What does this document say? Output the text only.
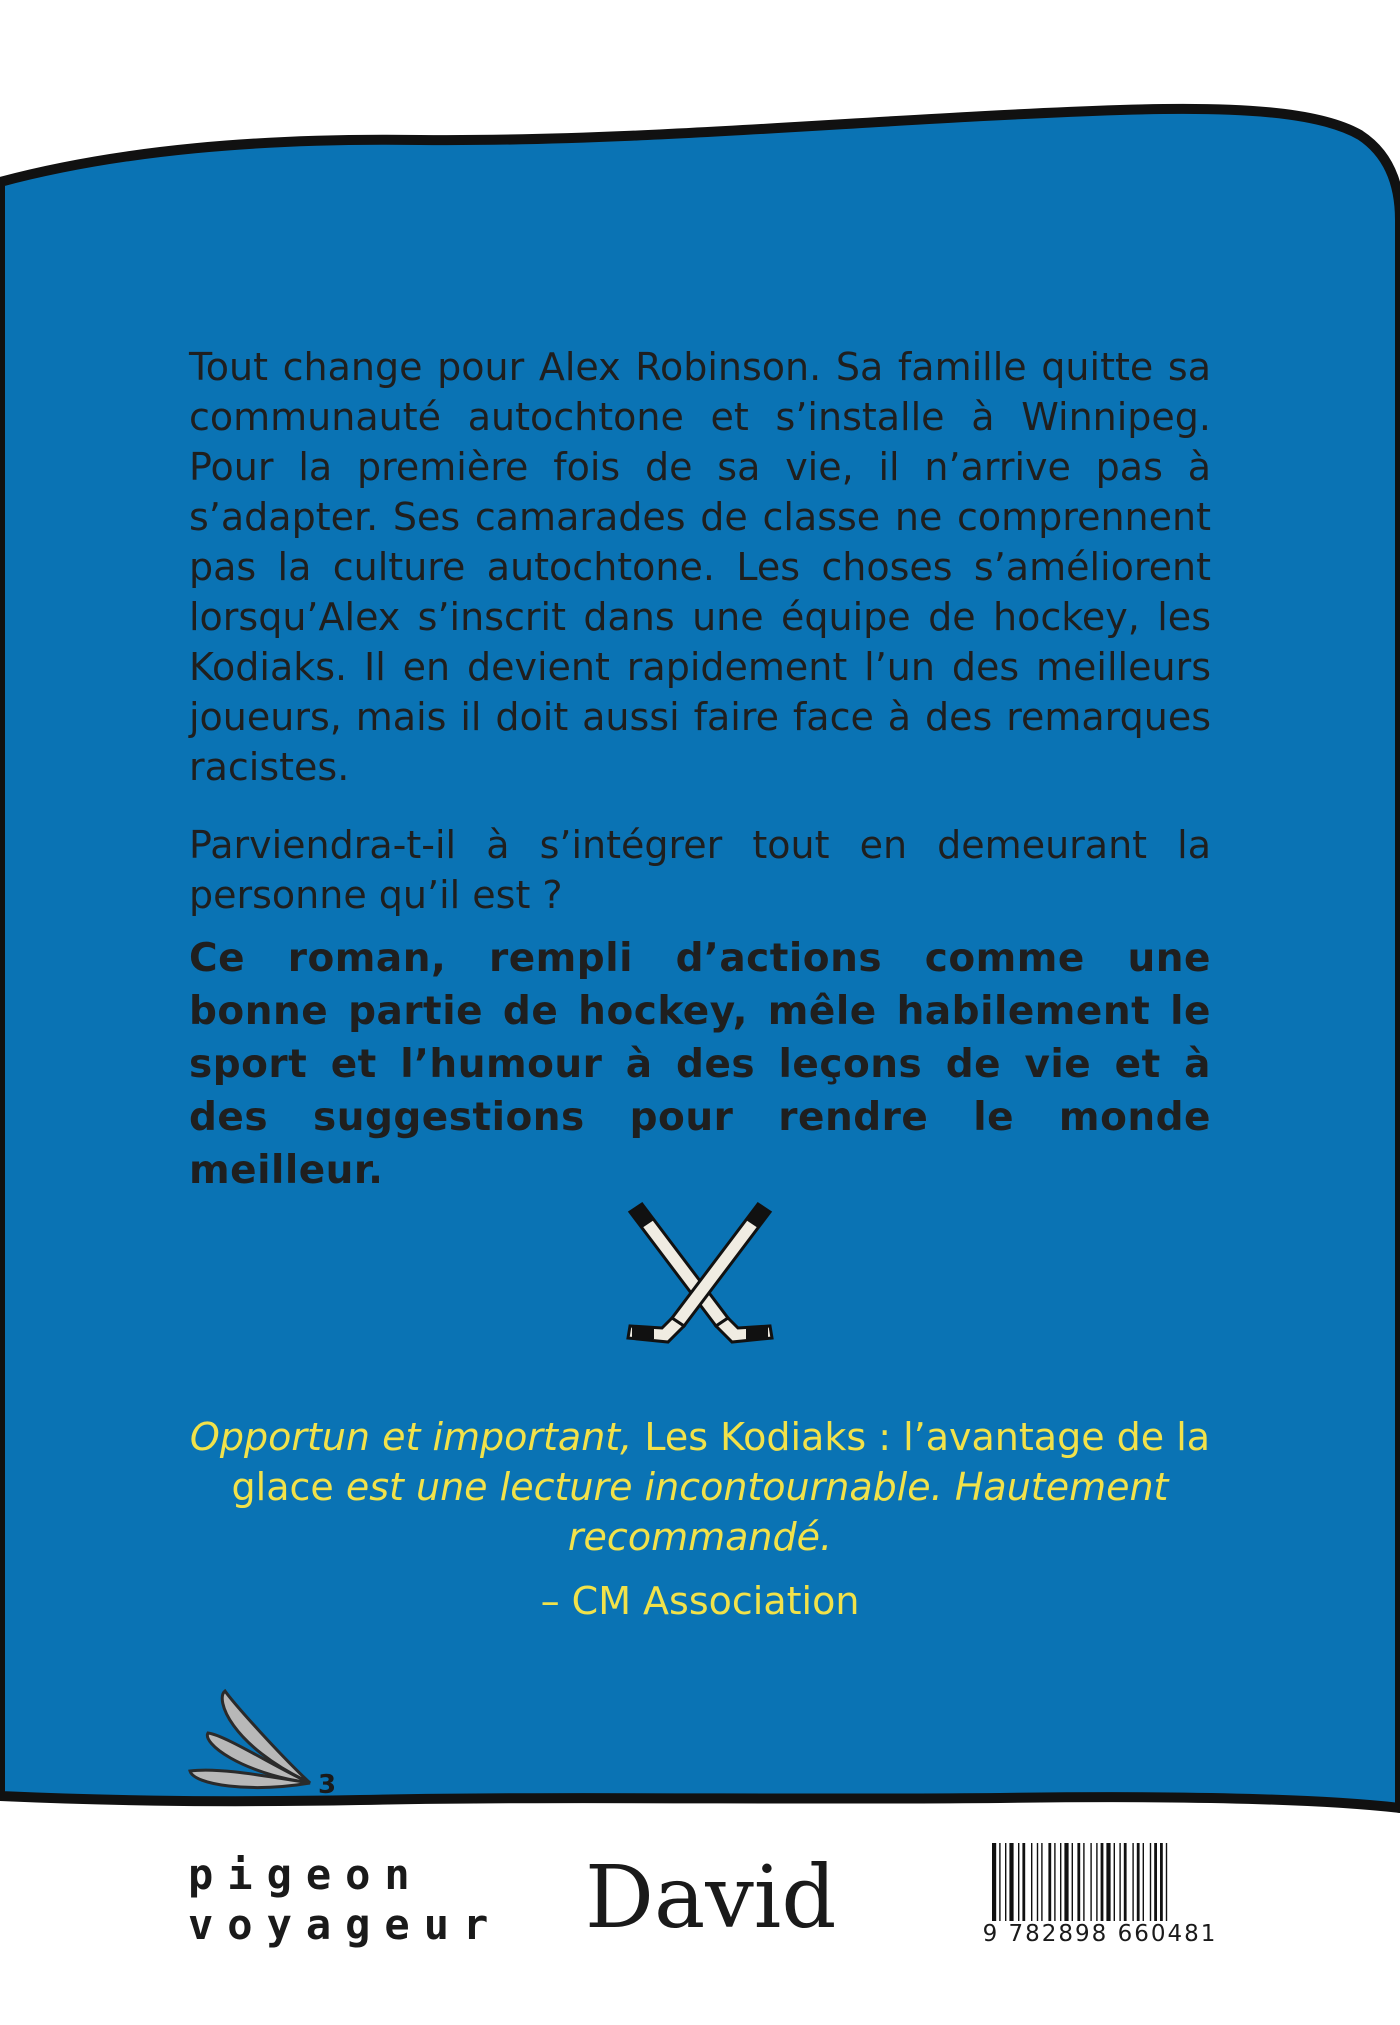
Tout change pour Alex Robinson. Sa famille quitte sa communauté autochtone et s’installe à Winnipeg. Pour la première fois de sa vie, il n’arrive pas à s’adapter. Ses camarades de classe ne comprennent pas la culture autochtone. Les choses s’améliorent lorsqu’Alex s’inscrit dans une équipe de hockey, les Kodiaks. Il en devient rapidement l’un des meilleurs joueurs, mais il doit aussi faire face à des remarques racistes.

Parviendra-t-il à s’intégrer tout en demeurant la personne qu’il est ?

Ce roman, rempli d’actions comme une bonne partie de hockey, mêle habilement le sport et l’humour à des leçons de vie et à des suggestions pour rendre le monde meilleur.

Opportun et important, Les Kodiaks : l’avantage de la glace est une lecture incontournable. Hautement recommandé.
– CM Association
3
pigeon
voyageur David	9 782898 660481
